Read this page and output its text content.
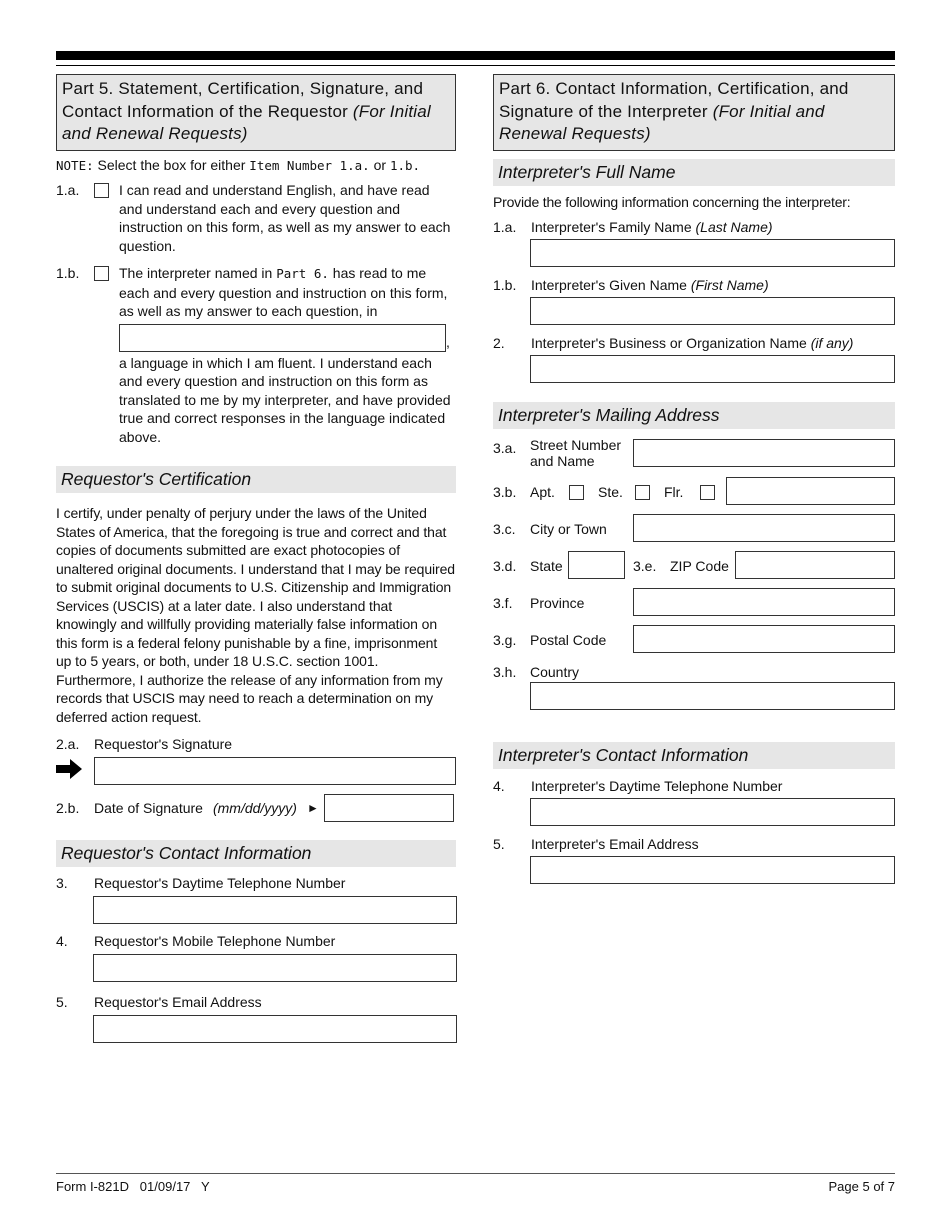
Part 5. Statement, Certification, Signature, and Contact Information of the Requestor (For Initial and Renewal Requests)
NOTE: Select the box for either Item Number 1.a. or 1.b.
1.a.	I can read and understand English, and have read and understand each and every question and instruction on this form, as well as my answer to each question.
1.b.	The interpreter named in Part 6. has read to me each and every question and instruction on this form, as well as my answer to each question, in
,
a language in which I am fluent. I understand each and every question and instruction on this form as translated to me by my interpreter, and have provided true and correct responses in the language indicated above.
Requestor's Certification

I certify, under penalty of perjury under the laws of the United States of America, that the foregoing is true and correct and that copies of documents submitted are exact photocopies of unaltered original documents. I understand that I may be required to submit original documents to U.S. Citizenship and Immigration Services (USCIS) at a later date. I also understand that knowingly and willfully providing materially false information on this form is a federal felony punishable by a fine, imprisonment up to 5 years, or both, under 18 U.S.C. section 1001. Furthermore, I authorize the release of any information from my records that USCIS may need to reach a determination on my deferred action request.

2.a.	Requestor's Signature
2.b.	Date of Signature (mm/dd/yyyy) ►
Requestor's Contact Information
3.	Requestor's Daytime Telephone Number
4.	Requestor's Mobile Telephone Number
5.	Requestor's Email Address
Part 6. Contact Information, Certification, and Signature of the Interpreter (For Initial and Renewal Requests)
Interpreter's Full Name
Provide the following information concerning the interpreter:
1.a.	Interpreter's Family Name
(Last Name)
1.b.	Interpreter's Given Name
(First Name)
2.	Interpreter's Business or Organization Name
(if any)
Interpreter's Mailing Address
3.a. Street Number and Name
3.b. Apt.	Ste.	Flr.
3.c. City or Town
3.d. State	3.e. ZIP Code
3.f. Province
3.g. Postal Code
3.h. Country
Interpreter's Contact Information
4.	Interpreter's Daytime Telephone Number
5.	Interpreter's Email Address
Form I-821D   01/09/17   Y	Page 5 of 7
